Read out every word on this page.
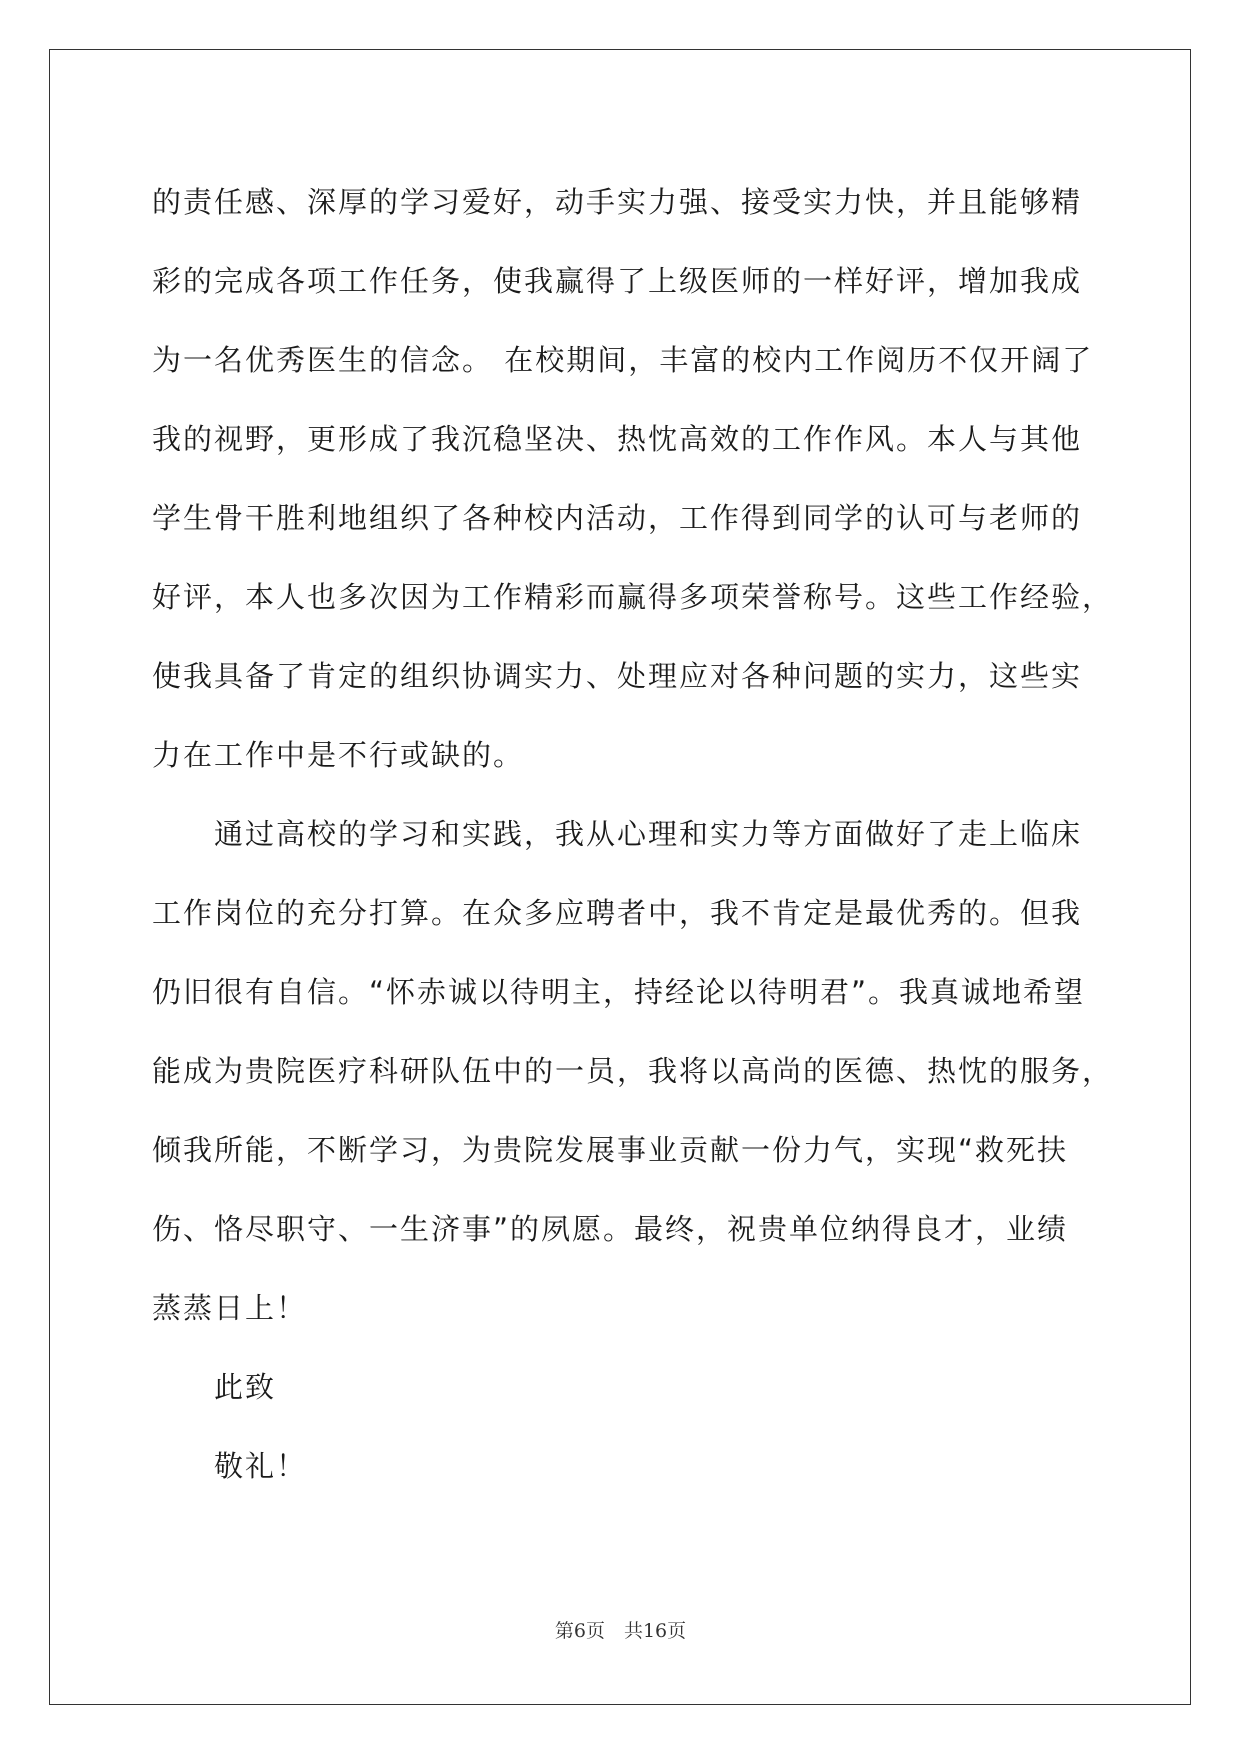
的责任感、深厚的学习爱好，动手实力强、接受实力快，并且能够精
彩的完成各项工作任务，使我赢得了上级医师的一样好评，增加我成
为一名优秀医生的信念。 在校期间，丰富的校内工作阅历不仅开阔了
我的视野，更形成了我沉稳坚决、热忱高效的工作作风。本人与其他
学生骨干胜利地组织了各种校内活动，工作得到同学的认可与老师的
好评，本人也多次因为工作精彩而赢得多项荣誉称号。这些工作经验，
使我具备了肯定的组织协调实力、处理应对各种问题的实力，这些实
力在工作中是不行或缺的。
通过高校的学习和实践，我从心理和实力等方面做好了走上临床
工作岗位的充分打算。在众多应聘者中，我不肯定是最优秀的。但我
仍旧很有自信。“怀赤诚以待明主，持经论以待明君”。我真诚地希望
能成为贵院医疗科研队伍中的一员，我将以高尚的医德、热忱的服务，
倾我所能，不断学习，为贵院发展事业贡献一份力气，实现“救死扶
伤、恪尽职守、一生济事”的夙愿。最终，祝贵单位纳得良才，业绩
蒸蒸日上！
此致
敬礼！
第6页　共16页
